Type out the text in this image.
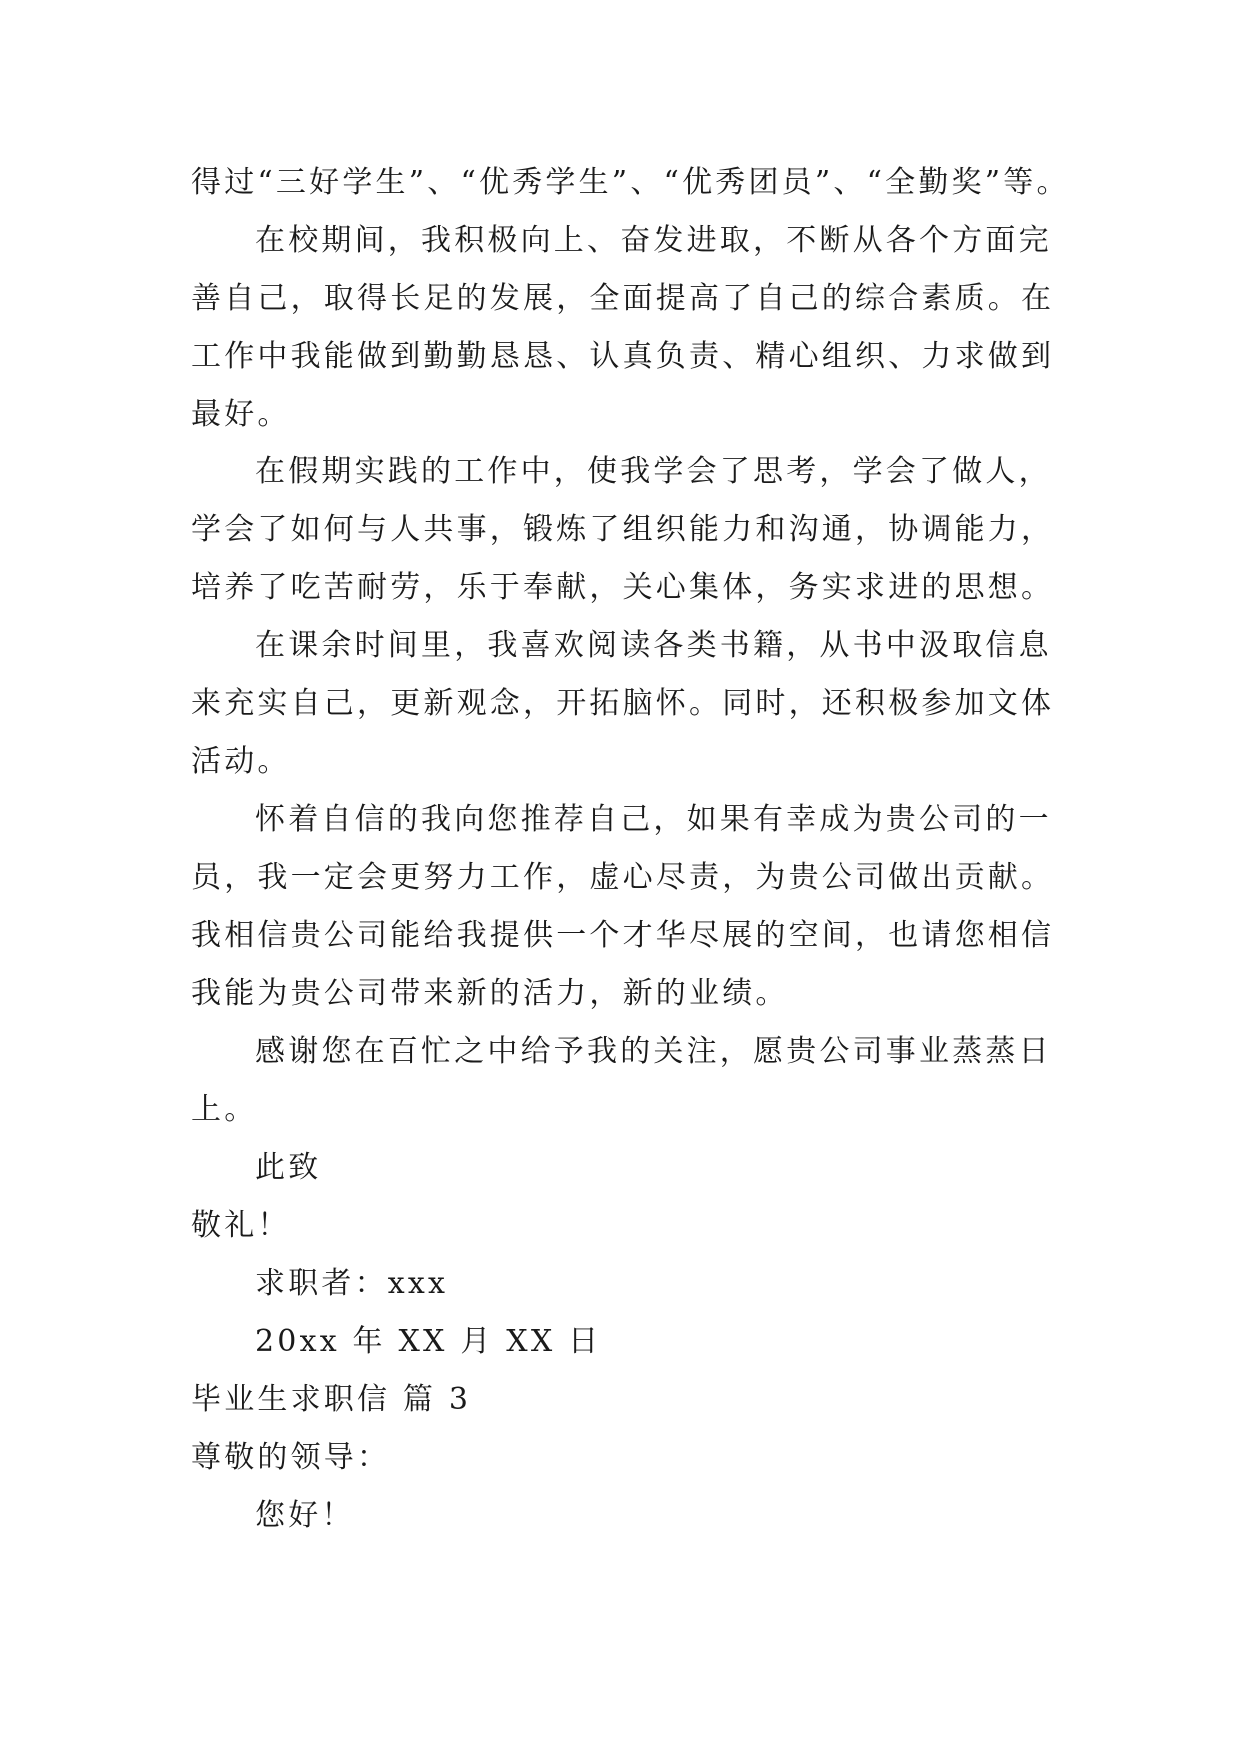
得过“三好学生”、“优秀学生”、“优秀团员”、“全勤奖”等。
在校期间，我积极向上、奋发进取，不断从各个方面完
善自己，取得长足的发展，全面提高了自己的综合素质。在
工作中我能做到勤勤恳恳、认真负责、精心组织、力求做到
最好。
在假期实践的工作中，使我学会了思考，学会了做人，
学会了如何与人共事，锻炼了组织能力和沟通，协调能力，
培养了吃苦耐劳，乐于奉献，关心集体，务实求进的思想。
在课余时间里，我喜欢阅读各类书籍，从书中汲取信息
来充实自己，更新观念，开拓脑怀。同时，还积极参加文体
活动。
怀着自信的我向您推荐自己，如果有幸成为贵公司的一
员，我一定会更努力工作，虚心尽责，为贵公司做出贡献。
我相信贵公司能给我提供一个才华尽展的空间，也请您相信
我能为贵公司带来新的活力，新的业绩。
感谢您在百忙之中给予我的关注，愿贵公司事业蒸蒸日
上。
此致
敬礼！
求职者：xxx
20xx 年 XX 月 XX 日
毕业生求职信 篇 3
尊敬的领导：
您好！
